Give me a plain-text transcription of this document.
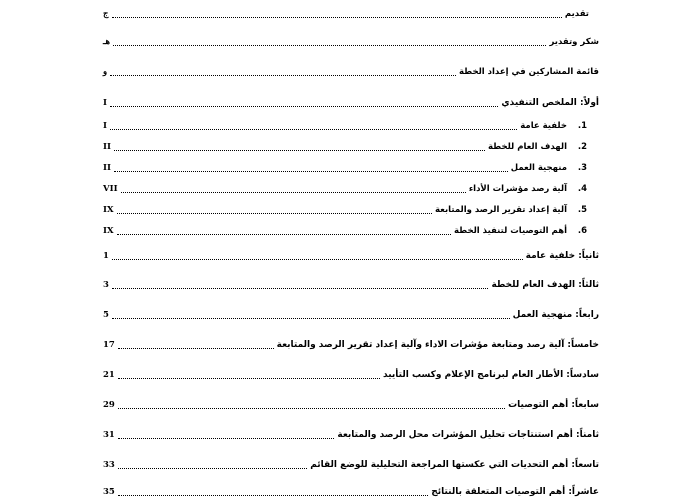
تقديم
ج
شكر وتقدير
هـ
قائمة المشاركين في إعداد الخطة
و
أولاً: الملخص التنفيذي
I
1.
خلفية عامة
I
2.
الهدف العام للخطة
II
3.
منهجية العمل
II
4.
آلية رصد مؤشرات الأداء
VII
5.
آلية إعداد تقرير الرصد والمتابعة
IX
6.
أهم التوصيات لتنفيذ الخطة
IX
ثانياً: خلفية عامة
1
ثالثاً: الهدف العام للخطة
3
رابعاً: منهجية العمل
5
خامساً: آلية رصد ومتابعة مؤشرات الاداء وآلية إعداد تقرير الرصد والمتابعة
17
سادساً: الأطار العام لبرنامج الإعلام وكسب التأييد
21
سابعاً: أهم التوصيات
29
ثامناً: أهم استنتاجات تحليل المؤشرات محل الرصد والمتابعة
31
تاسعاً: أهم التحديات التي عكستها المراجعة التحليلية للوضع القائم
33
عاشراً: أهم التوصيات المتعلقة بالنتائج
35
